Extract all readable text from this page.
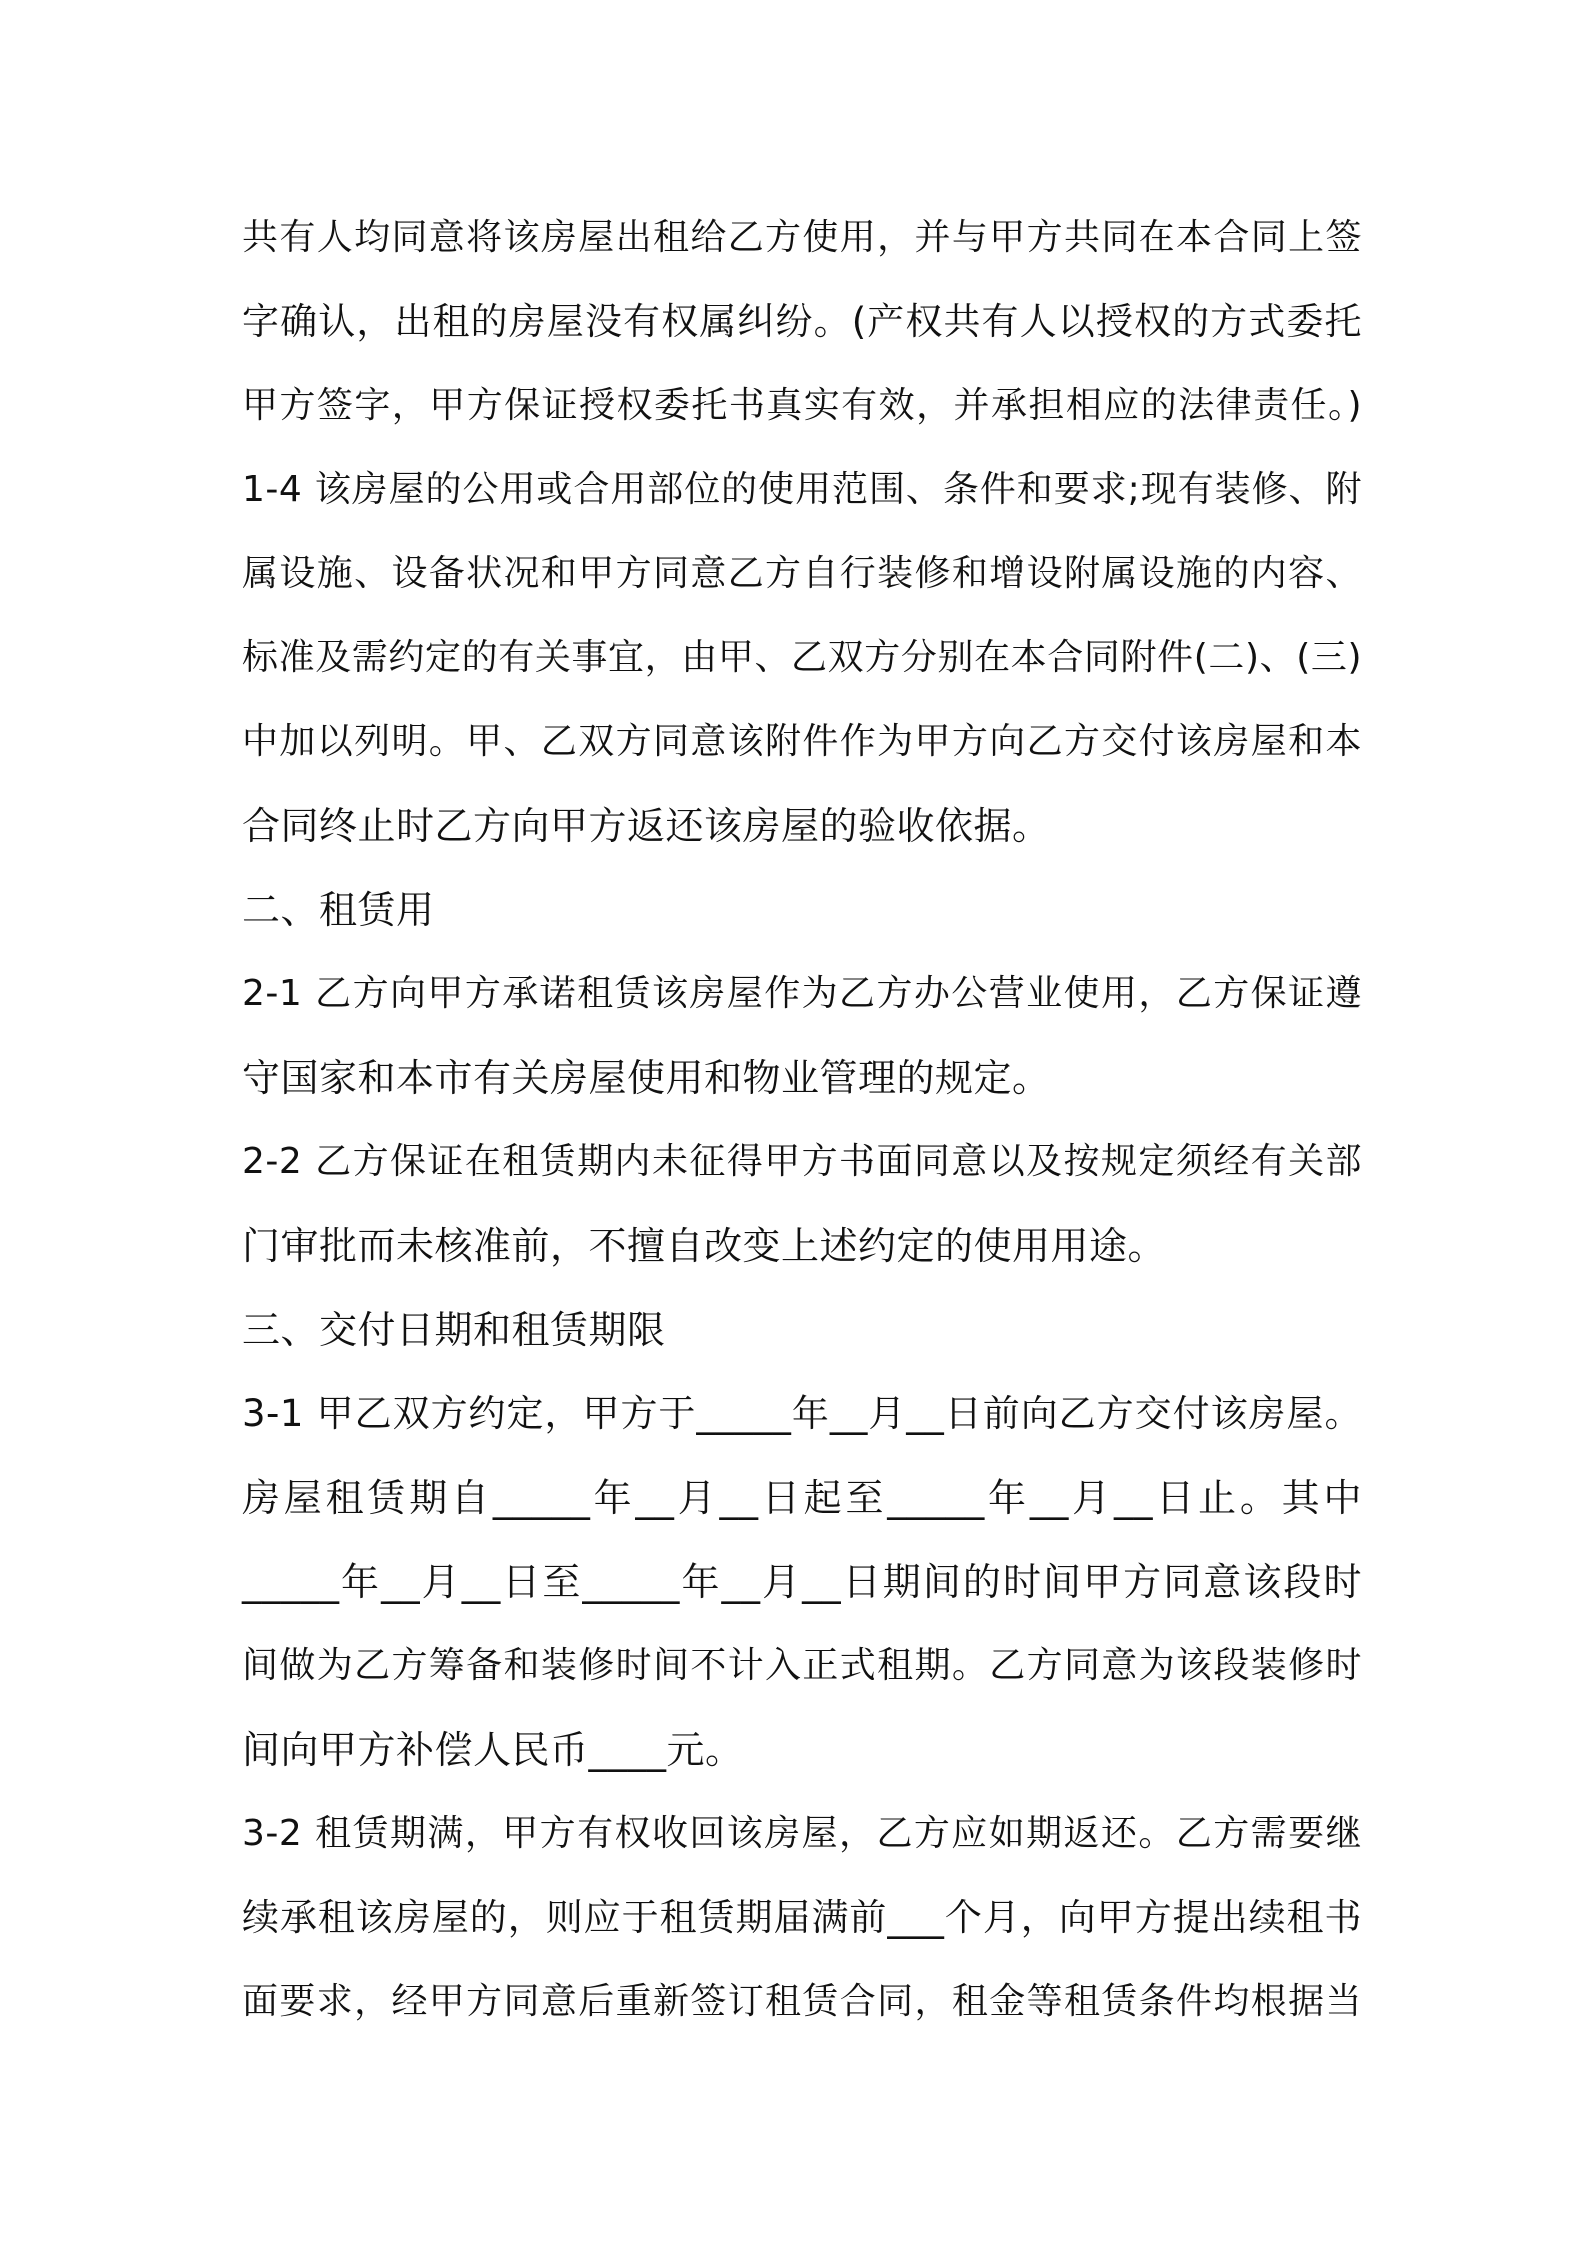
共有人均同意将该房屋出租给乙方使用，并与甲方共同在本合同上签
字确认，出租的房屋没有权属纠纷。(产权共有人以授权的方式委托
甲方签字，甲方保证授权委托书真实有效，并承担相应的法律责任。)
1-4 该房屋的公用或合用部位的使用范围、条件和要求;现有装修、附
属设施、设备状况和甲方同意乙方自行装修和增设附属设施的内容、
标准及需约定的有关事宜，由甲、乙双方分别在本合同附件(二)、(三)
中加以列明。甲、乙双方同意该附件作为甲方向乙方交付该房屋和本
合同终止时乙方向甲方返还该房屋的验收依据。
二、租赁用
2-1 乙方向甲方承诺租赁该房屋作为乙方办公营业使用，乙方保证遵
守国家和本市有关房屋使用和物业管理的规定。
2-2 乙方保证在租赁期内未征得甲方书面同意以及按规定须经有关部
门审批而未核准前，不擅自改变上述约定的使用用途。
三、交付日期和租赁期限
3-1 甲乙双方约定，甲方于_____年__月__日前向乙方交付该房屋。
房屋租赁期自_____年__月__日起至_____年__月__日止。其中
_____年__月__日至_____年__月__日期间的时间甲方同意该段时
间做为乙方筹备和装修时间不计入正式租期。乙方同意为该段装修时
间向甲方补偿人民币____元。
3-2 租赁期满，甲方有权收回该房屋，乙方应如期返还。乙方需要继
续承租该房屋的，则应于租赁期届满前___个月，向甲方提出续租书
面要求，经甲方同意后重新签订租赁合同，租金等租赁条件均根据当
